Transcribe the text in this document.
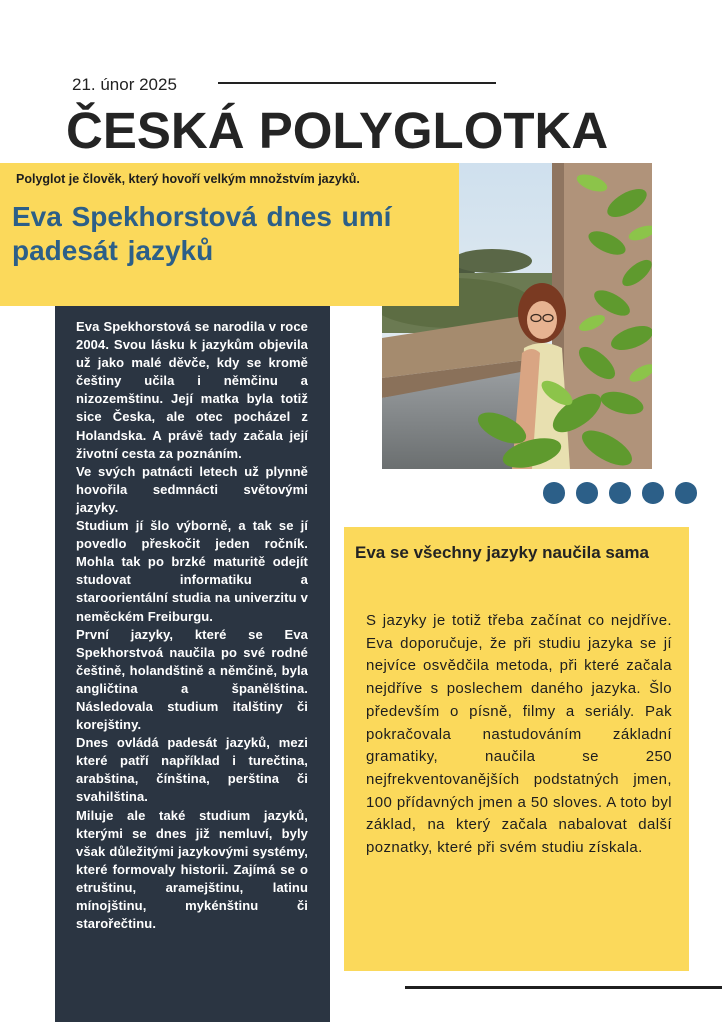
21. únor 2025
ČESKÁ POLYGLOTKA
Polyglot je člověk, který hovoří velkým množstvím jazyků.
Eva Spekhorstová dnes umí padesát jazyků

Eva Spekhorstová se narodila v roce 2004. Svou lásku k jazykům objevila už jako malé děvče, kdy se kromě češtiny učila i němčinu a nizozemštinu. Její matka byla totiž sice Česka, ale otec pocházel z Holandska. A právě tady začala její životní cesta za poznáním.

Ve svých patnácti letech už plynně hovořila sedmnácti světovými jazyky.

Studium jí šlo výborně, a tak se jí povedlo přeskočit jeden ročník. Mohla tak po brzké maturitě odejít studovat informatiku a staroorientální studia na univerzitu v neměckém Freiburgu.

První jazyky, které se Eva Spekhorstvoá naučila po své rodné češtině, holandštině a němčině, byla angličtina a španělština. Následovala studium italštiny či korejštiny.

Dnes ovládá padesát jazyků, mezi které patří například i turečtina, arabština, čínština, perština či svahilština.

Miluje ale také studium jazyků, kterými se dnes již nemluví, byly však důležitými jazykovými systémy, které formovaly historii. Zajímá se o etruštinu, aramejštinu, latinu mínojštinu, mykénštinu či starořečtinu.

Eva se všechny jazyky naučila sama
S jazyky je totiž třeba začínat co nejdříve. Eva doporučuje, že při studiu jazyka se jí nejvíce osvědčila metoda, při které začala nejdříve s poslechem daného jazyka. Šlo především o písně, filmy a seriály. Pak pokračovala nastudováním základní gramatiky, naučila se 250 nejfrekventovanějších podstatných jmen, 100 přídavných jmen a 50 sloves. A toto byl základ, na který začala nabalovat další poznatky, které při svém studiu získala.
